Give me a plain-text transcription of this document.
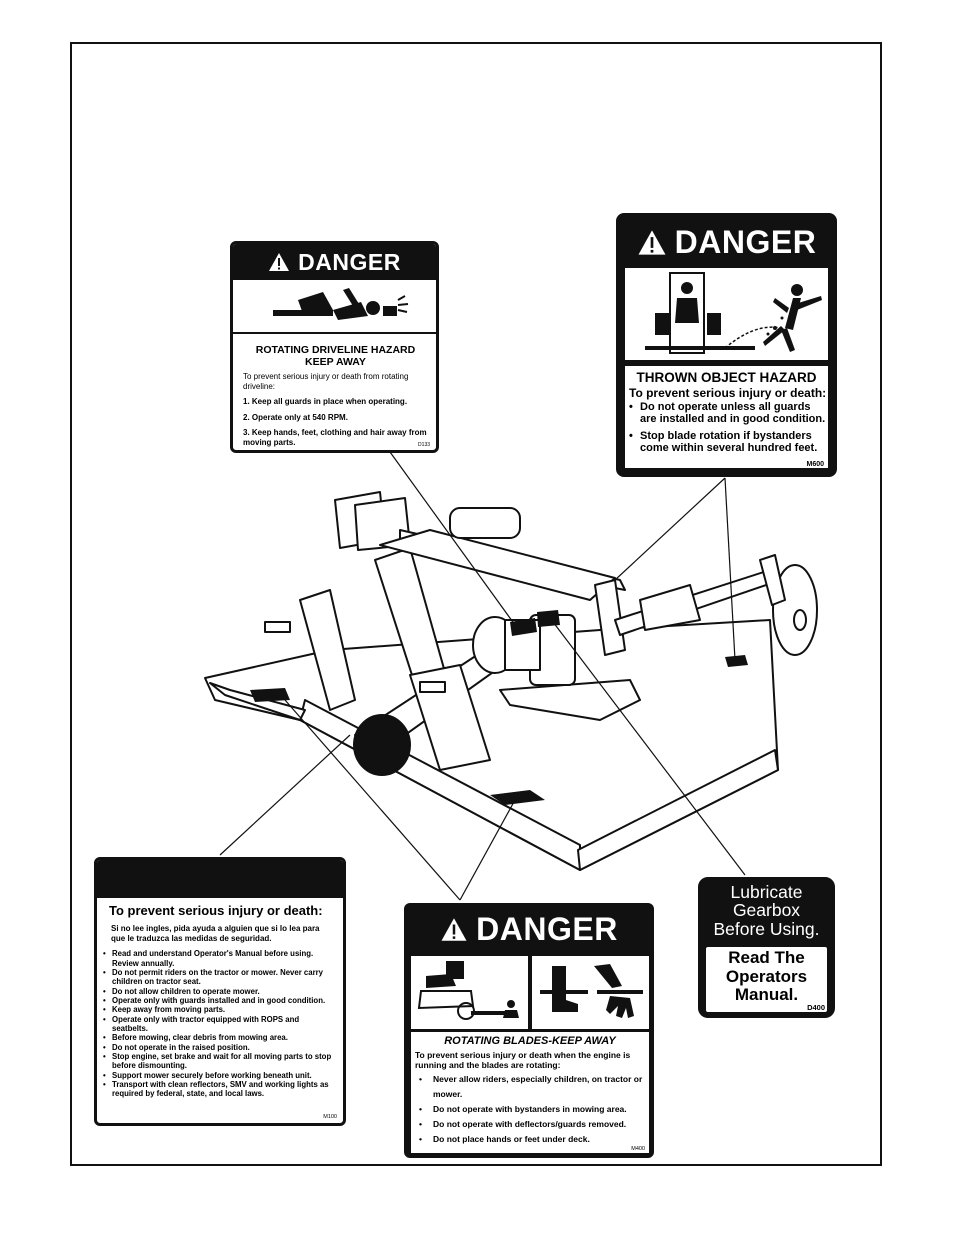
DANGER
ROTATING DRIVELINE HAZARD
KEEP AWAY
To prevent serious injury or death from rotating driveline:
1. Keep all guards in place when operating.
2. Operate only at 540 RPM.
3. Keep hands, feet, clothing and hair away from moving parts.	D133
DANGER
THROWN OBJECT HAZARD
To prevent serious injury or death:
• Do not operate unless all guards are installed and in good condition.
• Stop blade rotation if bystanders come within several hundred feet.
M600
To prevent serious injury or death:
Si no lee ingles, pida ayuda a alguien que si lo lea para que le traduzca las medidas de seguridad.
• Read and understand Operator's Manual before using. Review annually.
• Do not permit riders on the tractor or mower. Never carry children on tractor seat.
• Do not allow children to operate mower.
• Operate only with guards installed and in good condition.
• Keep away from moving parts.
• Operate only with tractor equipped with ROPS and seatbelts.
• Before mowing, clear debris from mowing area.
• Do not operate in the raised position.
• Stop engine, set brake and wait for all moving parts to stop before dismounting.
• Support mower securely before working beneath unit.
• Transport with clean reflectors, SMV and working lights as required by federal, state, and local laws.
M100
DANGER
ROTATING BLADES-KEEP AWAY
To prevent serious injury or death when the engine is running and the blades are rotating:
• Never allow riders, especially children, on tractor or mower.
• Do not operate with bystanders in mowing area.
• Do not operate with deflectors/guards removed.
• Do not place hands or feet under deck.
M400
Lubricate
Gearbox
Before Using.
Read The
Operators
Manual.
D400
